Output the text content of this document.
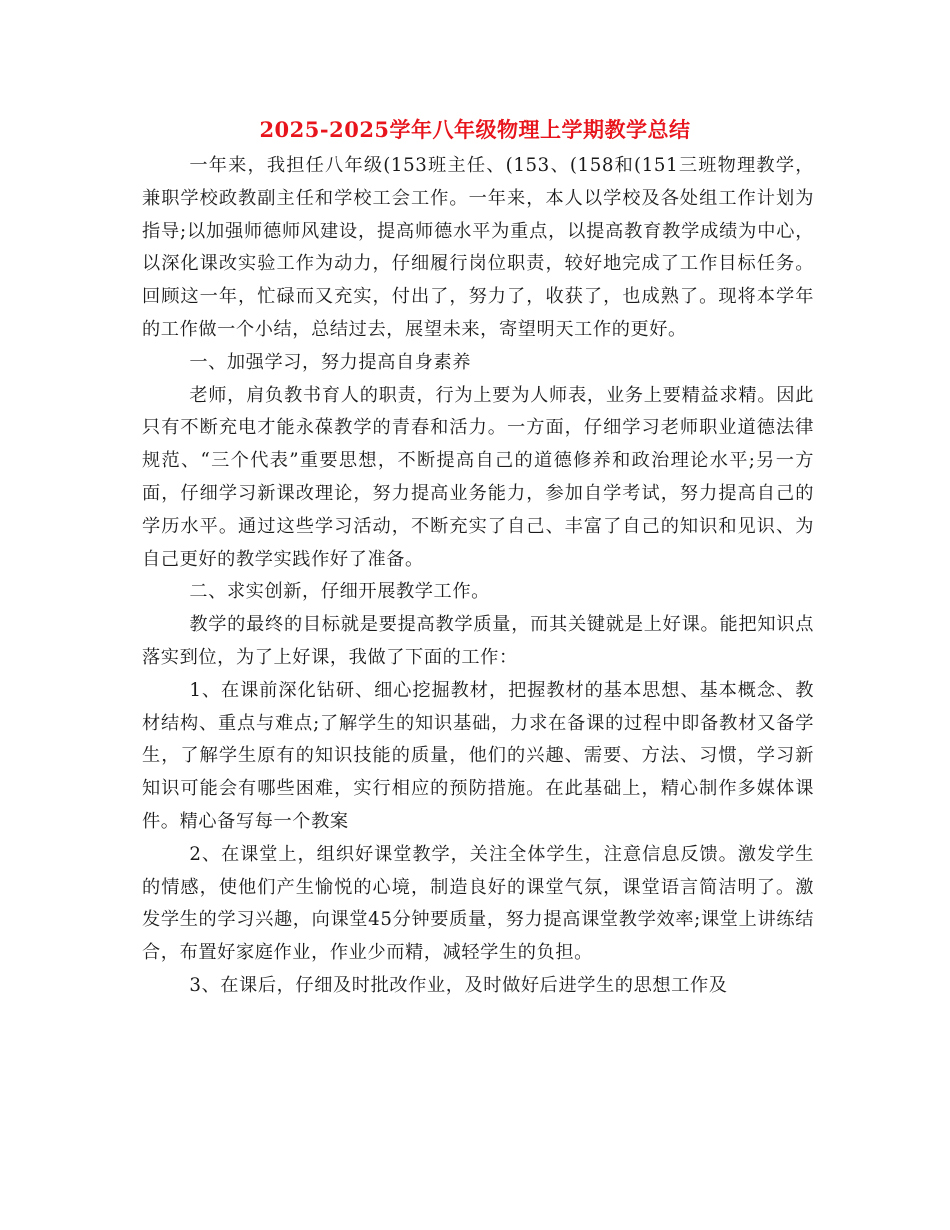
2025-2025学年八年级物理上学期教学总结

一年来，我担任八年级(153班主任、(153、(158和(151三班物理教学，兼职学校政教副主任和学校工会工作。一年来，本人以学校及各处组工作计划为指导;以加强师德师风建设，提高师德水平为重点，以提高教育教学成绩为中心，以深化课改实验工作为动力，仔细履行岗位职责，较好地完成了工作目标任务。回顾这一年，忙碌而又充实，付出了，努力了，收获了，也成熟了。现将本学年的工作做一个小结，总结过去，展望未来，寄望明天工作的更好。

一、加强学习，努力提高自身素养

老师，肩负教书育人的职责，行为上要为人师表，业务上要精益求精。因此只有不断充电才能永葆教学的青春和活力。一方面，仔细学习老师职业道德法律规范、“三个代表”重要思想，不断提高自己的道德修养和政治理论水平;另一方面，仔细学习新课改理论，努力提高业务能力，参加自学考试，努力提高自己的学历水平。通过这些学习活动，不断充实了自己、丰富了自己的知识和见识、为自己更好的教学实践作好了准备。

二、求实创新，仔细开展教学工作。

教学的最终的目标就是要提高教学质量，而其关键就是上好课。能把知识点落实到位，为了上好课，我做了下面的工作：

1、在课前深化钻研、细心挖掘教材，把握教材的基本思想、基本概念、教材结构、重点与难点;了解学生的知识基础，力求在备课的过程中即备教材又备学生，了解学生原有的知识技能的质量，他们的兴趣、需要、方法、习惯，学习新知识可能会有哪些困难，实行相应的预防措施。在此基础上，精心制作多媒体课件。精心备写每一个教案

2、在课堂上，组织好课堂教学，关注全体学生，注意信息反馈。激发学生的情感，使他们产生愉悦的心境，制造良好的课堂气氛，课堂语言简洁明了。激发学生的学习兴趣，向课堂45分钟要质量，努力提高课堂教学效率;课堂上讲练结合，布置好家庭作业，作业少而精，减轻学生的负担。

3、在课后，仔细及时批改作业，及时做好后进学生的思想工作及
